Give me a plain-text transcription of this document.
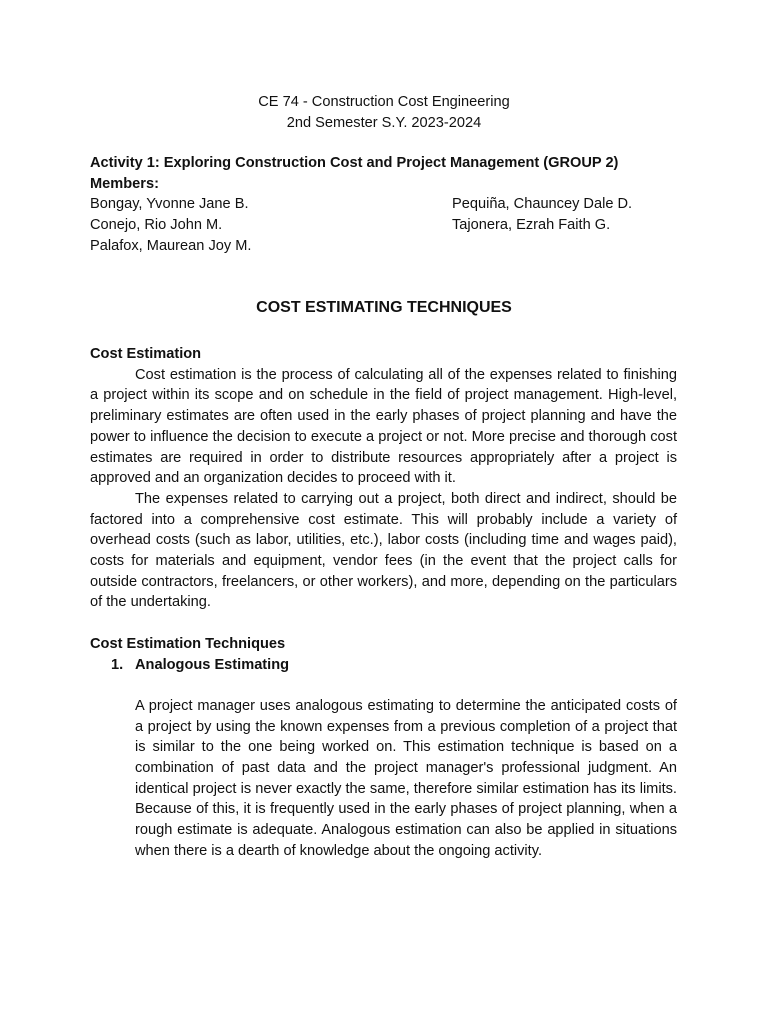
CE 74 - Construction Cost Engineering
2nd Semester S.Y. 2023-2024
Activity 1: Exploring Construction Cost and Project Management (GROUP 2)
Members:
Bongay, Yvonne Jane B.
Conejo, Rio John M.
Palafox, Maurean Joy M.
Pequiña, Chauncey Dale D.
Tajonera, Ezrah Faith G.
COST ESTIMATING TECHNIQUES
Cost Estimation

Cost estimation is the process of calculating all of the expenses related to finishing a project within its scope and on schedule in the field of project management. High-level, preliminary estimates are often used in the early phases of project planning and have the power to influence the decision to execute a project or not. More precise and thorough cost estimates are required in order to distribute resources appropriately after a project is approved and an organization decides to proceed with it.

The expenses related to carrying out a project, both direct and indirect, should be factored into a comprehensive cost estimate. This will probably include a variety of overhead costs (such as labor, utilities, etc.), labor costs (including time and wages paid), costs for materials and equipment, vendor fees (in the event that the project calls for outside contractors, freelancers, or other workers), and more, depending on the particulars of the undertaking.

Cost Estimation Techniques
1. Analogous Estimating

A project manager uses analogous estimating to determine the anticipated costs of a project by using the known expenses from a previous completion of a project that is similar to the one being worked on. This estimation technique is based on a combination of past data and the project manager's professional judgment. An identical project is never exactly the same, therefore similar estimation has its limits. Because of this, it is frequently used in the early phases of project planning, when a rough estimate is adequate. Analogous estimation can also be applied in situations when there is a dearth of knowledge about the ongoing activity.
